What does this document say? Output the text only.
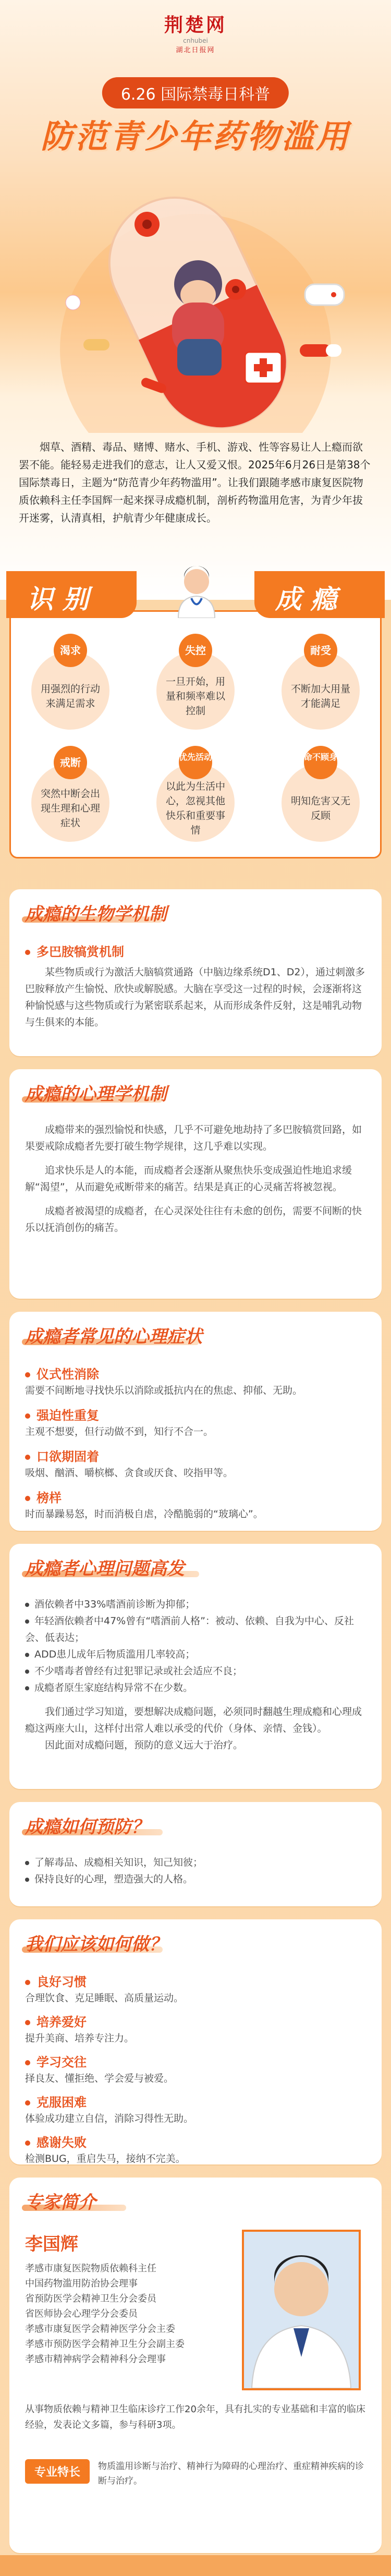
荆楚网
cnhubei
湖北日报网
6.26 国际禁毒日科普
防范青少年药物滥用
烟草、酒精、毒品、赌博、赌水、手机、游戏、性等容易让人上瘾而欲罢不能。能轻易走进我们的意志，让人又爱又恨。2025年6月26日是第38个国际禁毒日，主题为“防范青少年药物滥用”。让我们跟随孝感市康复医院物质依赖科主任李国辉一起来探寻成瘾机制，剖析药物滥用危害，为青少年拔开迷雾，认清真相，护航青少年健康成长。
识别	成瘾
渴求
用强烈的行动来满足需求
失控
一旦开始，用量和频率难以控制
耐受
不断加大用量才能满足
戒断
突然中断会出现生理和心理症状
优先活动
以此为生活中心，忽视其他快乐和重要事情
命不顾身
明知危害又无反顾
成瘾的生物学机制
多巴胺犒赏机制
某些物质或行为激活大脑犒赏通路（中脑边缘系统D1、D2），通过刺激多巴胺释放产生愉悦、欣快或解脱感。大脑在享受这一过程的时候，会逐渐将这种愉悦感与这些物质或行为紧密联系起来，从而形成条件反射，这是哺乳动物与生俱来的本能。
成瘾的心理学机制
成瘾带来的强烈愉悦和快感，几乎不可避免地劫持了多巴胺犒赏回路，如果要戒除成瘾者先要打破生物学规律，这几乎难以实现。
追求快乐是人的本能，而成瘾者会逐渐从聚焦快乐变成强迫性地追求缓解“渴望”，从而避免戒断带来的痛苦。结果是真正的心灵痛苦将被忽视。
成瘾者被渴望的成瘾者，在心灵深处往往有未愈的创伤，需要不间断的快乐以抚消创伤的痛苦。
成瘾者常见的心理症状
仪式性消除
需要不间断地寻找快乐以消除或抵抗内在的焦虑、抑郁、无助。
强迫性重复
主观不想要，但行动做不到，知行不合一。
口欲期固着
吸烟、酗酒、嚼槟榔、贪食或厌食、咬指甲等。
榜样
时而暴躁易怒，时而消极自虐，冷酷脆弱的“玻璃心”。
成瘾者心理问题高发
酒依赖者中33%嗜酒前诊断为抑郁；
年轻酒依赖者中47%曾有“嗜酒前人格”：被动、依赖、自我为中心、反社会、低表达；
ADD患儿成年后物质滥用几率较高；
不少嗜毒者曾经有过犯罪记录或社会适应不良；
成瘾者原生家庭结构异常不在少数。
我们通过学习知道，要想解决成瘾问题，必须同时翻越生理成瘾和心理成瘾这两座大山，这样付出常人难以承受的代价（身体、亲情、金钱）。
因此面对成瘾问题，预防的意义远大于治疗。
成瘾如何预防？
了解毒品、成瘾相关知识，知己知彼；
保持良好的心理，塑造强大的人格。
我们应该如何做？
良好习惯
合理饮食、克足睡眠、高质量运动。
培养爱好
提升美商、培养专注力。
学习交往
择良友、懂拒绝、学会爱与被爱。
克服困难
体验成功建立自信，消除习得性无助。
感谢失败
检测BUG，重启失马，接纳不完美。
专家简介
李国辉
孝感市康复医院物质依赖科主任
中国药物滥用防治协会理事
省预防医学会精神卫生分会委员
省医师协会心理学分会委员
孝感市康复医学会精神医学分会主委
孝感市预防医学会精神卫生分会副主委
孝感市精神病学会精神科分会理事
从事物质依赖与精神卫生临床诊疗工作20余年，具有扎实的专业基础和丰富的临床经验，发表论文多篇，参与科研3项。
专业特长	物质滥用诊断与治疗、精神行为障碍的心理治疗、重症精神疾病的诊断与治疗。
